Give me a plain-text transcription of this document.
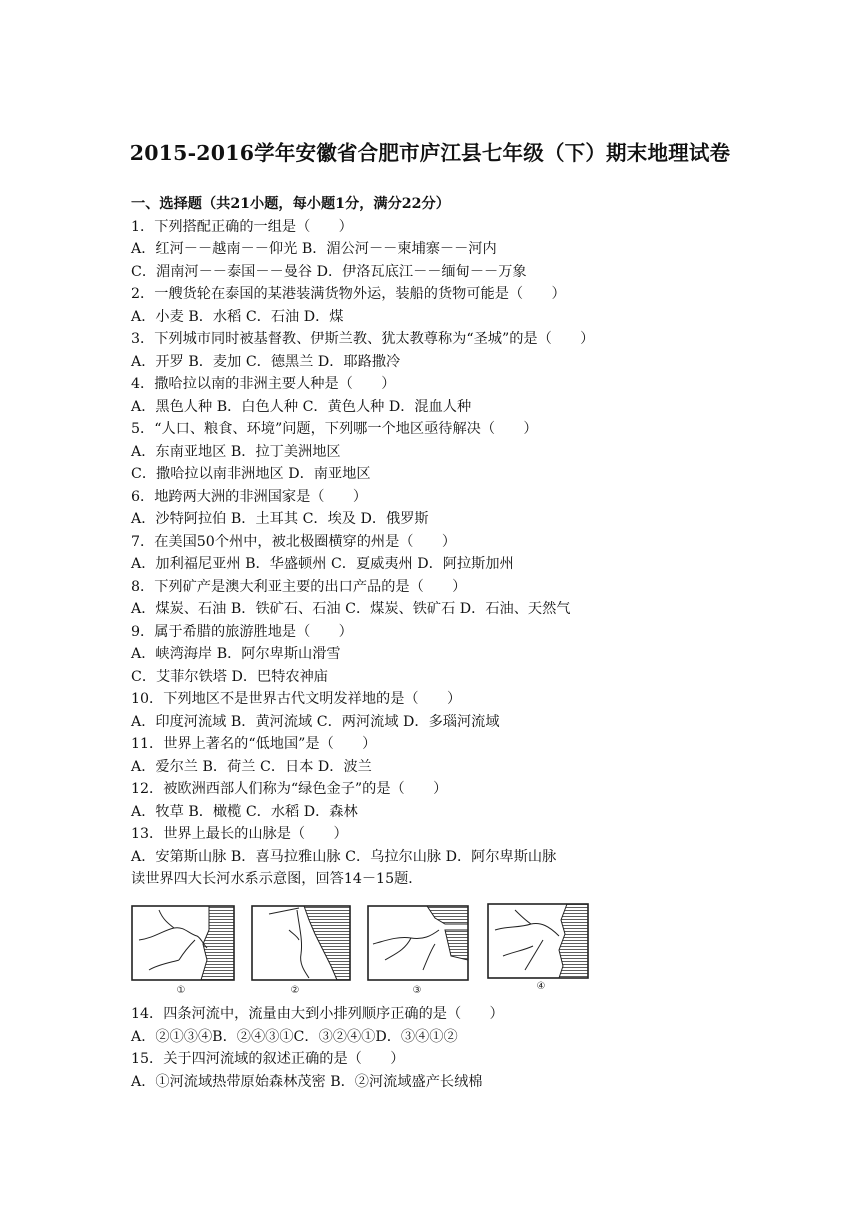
2015-2016学年安徽省合肥市庐江县七年级（下）期末地理试卷
一、选择题（共21小题，每小题1分，满分22分）
1．下列搭配正确的一组是（　　）
A．红河－－越南－－仰光 B．湄公河－－柬埔寨－－河内
C．湄南河－－泰国－－曼谷 D．伊洛瓦底江－－缅甸－－万象
2．一艘货轮在泰国的某港装满货物外运，装船的货物可能是（　　）
A．小麦 B．水稻 C．石油 D．煤
3．下列城市同时被基督教、伊斯兰教、犹太教尊称为“圣城”的是（　　）
A．开罗 B．麦加 C．德黑兰 D．耶路撒冷
4．撒哈拉以南的非洲主要人种是（　　）
A．黑色人种 B．白色人种 C．黄色人种 D．混血人种
5．“人口、粮食、环境”问题，下列哪一个地区亟待解决（　　）
A．东南亚地区 B．拉丁美洲地区
C．撒哈拉以南非洲地区 D．南亚地区
6．地跨两大洲的非洲国家是（　　）
A．沙特阿拉伯 B．土耳其 C．埃及 D．俄罗斯
7．在美国50个州中，被北极圈横穿的州是（　　）
A．加利福尼亚州 B．华盛顿州 C．夏威夷州 D．阿拉斯加州
8．下列矿产是澳大利亚主要的出口产品的是（　　）
A．煤炭、石油 B．铁矿石、石油 C．煤炭、铁矿石 D．石油、天然气
9．属于希腊的旅游胜地是（　　）
A．峡湾海岸 B．阿尔卑斯山滑雪
C．艾菲尔铁塔 D．巴特农神庙
10．下列地区不是世界古代文明发祥地的是（　　）
A．印度河流域 B．黄河流域 C．两河流域 D．多瑙河流域
11．世界上著名的“低地国”是（　　）
A．爱尔兰 B．荷兰 C．日本 D．波兰
12．被欧洲西部人们称为“绿色金子”的是（　　）
A．牧草 B．橄榄 C．水稻 D．森林
13．世界上最长的山脉是（　　）
A．安第斯山脉 B．喜马拉雅山脉 C．乌拉尔山脉 D．阿尔卑斯山脉
读世界四大长河水系示意图，回答14－15题．
①	②	③	④
14．四条河流中，流量由大到小排列顺序正确的是（　　）
A．②①③④B．②④③①C．③②④①D．③④①②
15．关于四河流域的叙述正确的是（　　）
A．①河流域热带原始森林茂密 B．②河流域盛产长绒棉
